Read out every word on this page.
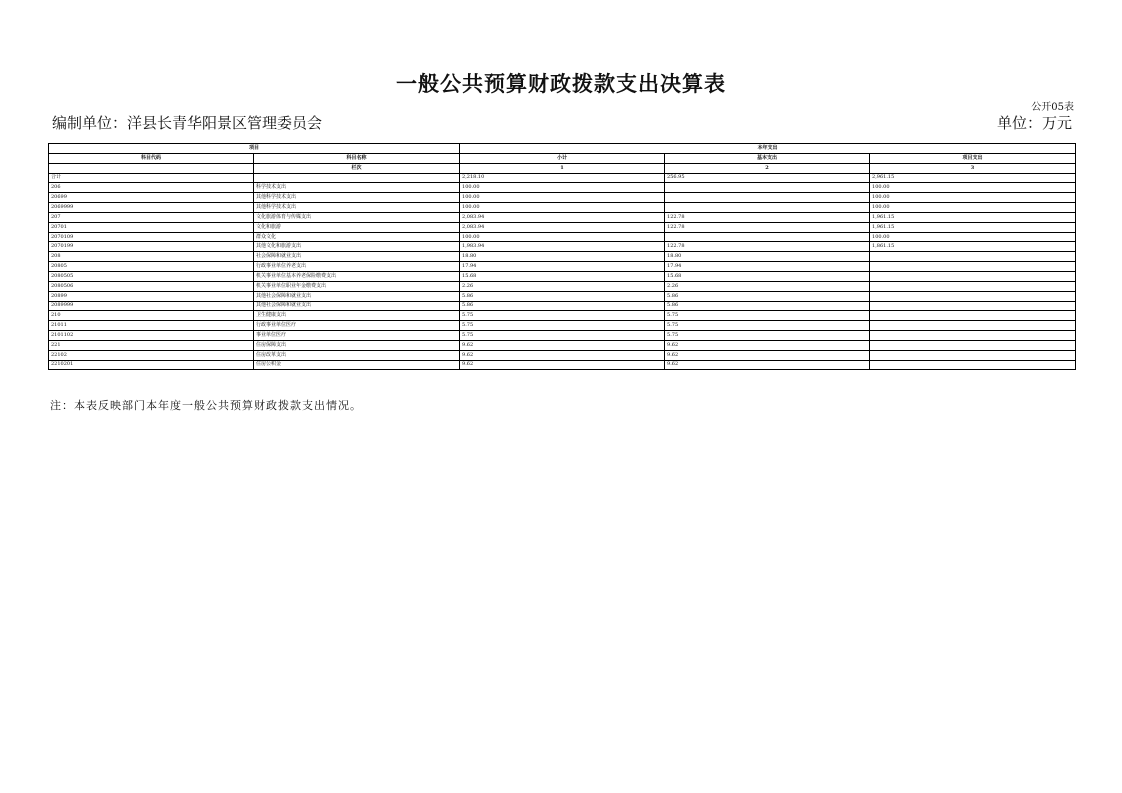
一般公共预算财政拨款支出决算表
公开05表
编制单位：洋县长青华阳景区管理委员会	单位：万元
项目		本年支出		
科目代码	科目名称	小计	基本支出	项目支出
	栏次	1	2	3
合计		2,218.10	256.95	2,961.15
206	科学技术支出	100.00		100.00
20699	其他科学技术支出	100.00		100.00
2069999	其他科学技术支出	100.00		100.00
207	文化旅游体育与传媒支出	2,083.94	122.78	1,961.15
20701	文化和旅游	2,083.94	122.78	1,961.15
2070109	群众文化	100.00		100.00
2070199	其他文化和旅游支出	1,983.94	122.78	1,861.15
208	社会保障和就业支出	18.80	18.80	
20805	行政事业单位养老支出	17.94	17.94	
2080505	机关事业单位基本养老保险缴费支出	15.68	15.68	
2080506	机关事业单位职业年金缴费支出	2.26	2.26	
20899	其他社会保障和就业支出	5.86	5.86	
2089999	其他社会保障和就业支出	5.86	5.86	
210	卫生健康支出	5.75	5.75	
21011	行政事业单位医疗	5.75	5.75	
2101102	事业单位医疗	5.75	5.75	
221	住房保障支出	9.62	9.62	
22102	住房改革支出	9.62	9.62	
2210201	住房公积金	9.62	9.62	
注：本表反映部门本年度一般公共预算财政拨款支出情况。
